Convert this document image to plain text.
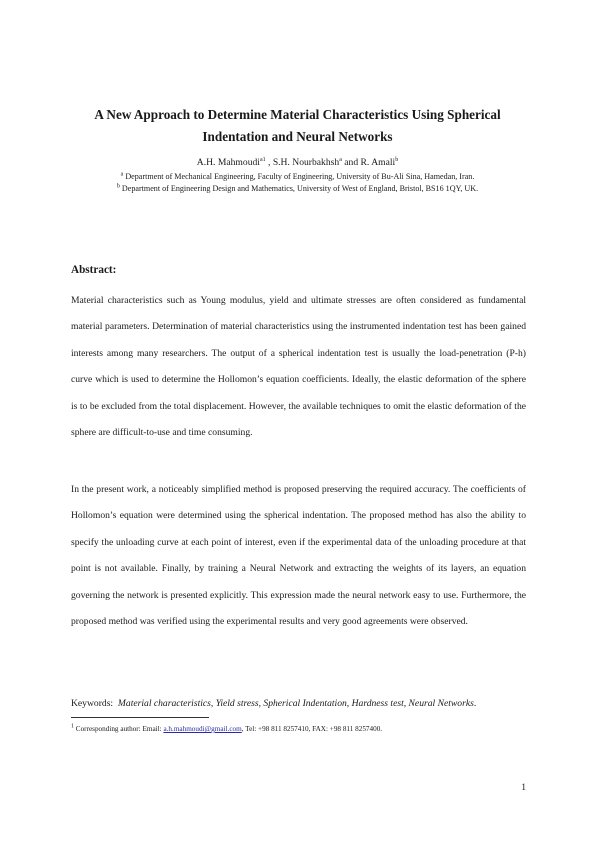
A New Approach to Determine Material Characteristics Using Spherical Indentation and Neural Networks
A.H. Mahmoudi$^{a1}$ , S.H. Nourbakhsh$^a$ and R. Amali$^b$
$^a$ Department of Mechanical Engineering, Faculty of Engineering, University of Bu-Ali Sina, Hamedan, Iran.
$^b$ Department of Engineering Design and Mathematics, University of West of England, Bristol, BS16 1QY, UK.
Abstract:

Material characteristics such as Young modulus, yield and ultimate stresses are often considered as fundamental material parameters. Determination of material characteristics using the instrumented indentation test has been gained interests among many researchers. The output of a spherical indentation test is usually the load-penetration (P-h) curve which is used to determine the Hollomon’s equation coefficients. Ideally, the elastic deformation of the sphere is to be excluded from the total displacement. However, the available techniques to omit the elastic deformation of the sphere are difficult-to-use and time consuming.

In the present work, a noticeably simplified method is proposed preserving the required accuracy. The coefficients of Hollomon’s equation were determined using the spherical indentation. The proposed method has also the ability to specify the unloading curve at each point of interest, even if the experimental data of the unloading procedure at that point is not available. Finally, by training a Neural Network and extracting the weights of its layers, an equation governing the network is presented explicitly. This expression made the neural network easy to use. Furthermore, the proposed method was verified using the experimental results and very good agreements were observed.

Keywords: Material characteristics, Yield stress, Spherical Indentation, Hardness test, Neural Networks.
$^1$ Corresponding author: Email: a.h.mahmoudi@gmail.com, Tel: +98 811 8257410, FAX: +98 811 8257400.
1
